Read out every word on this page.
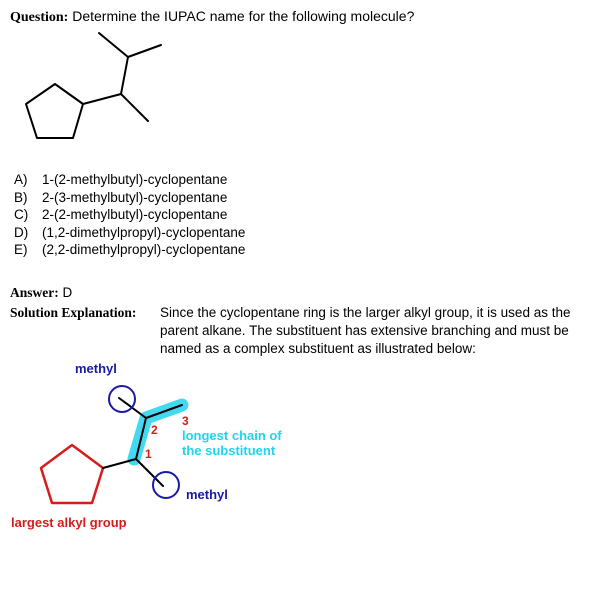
Question: Determine the IUPAC name for the following molecule?
A) 1-(2-methylbutyl)-cyclopentane
B) 2-(3-methylbutyl)-cyclopentane
C) 2-(2-methylbutyl)-cyclopentane
D) (1,2-dimethylpropyl)-cyclopentane
E) (2,2-dimethylpropyl)-cyclopentane
Answer: D
Solution Explanation: Since the cyclopentane ring is the larger alkyl group, it is used as the parent alkane. The substituent has extensive branching and must be named as a complex substituent as illustrated below:
methyl
methyl
1
2
3
longest chain of
the substituent
largest alkyl group
